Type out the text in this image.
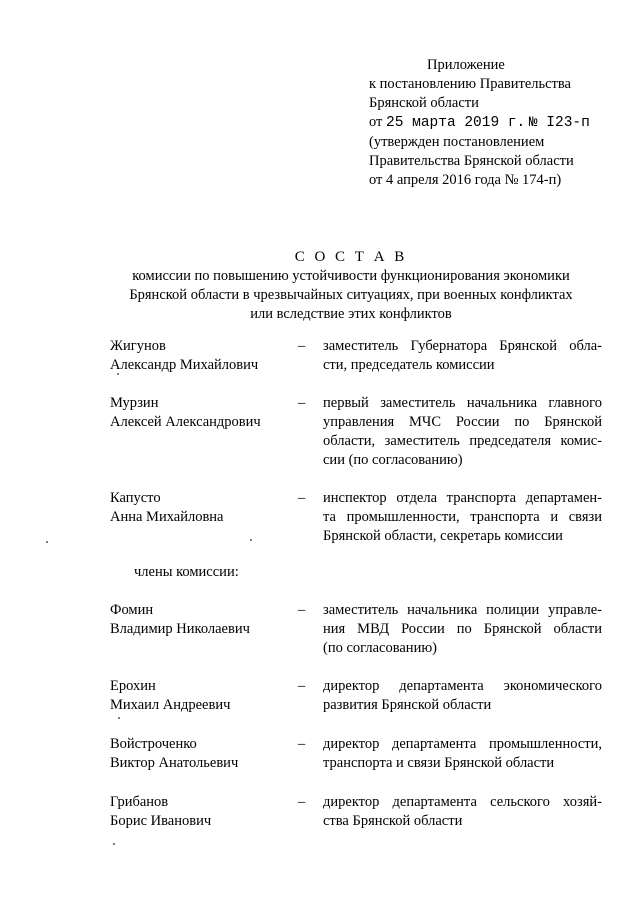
Приложение
к постановлению Правительства
Брянской области
от 25 марта 2019 г. № I23-п
(утвержден постановлением
Правительства Брянской области
от 4 апреля 2016 года № 174-п)
С О С Т А В
комиссии по повышению устойчивости функционирования экономики
Брянской области в чрезвычайных ситуациях, при военных конфликтах
или вследствие этих конфликтов
Жигунов
Александр Михайлович
– заместитель Губернатора Брянской обла-
сти, председатель комиссии
Мурзин
Алексей Александрович
– первый заместитель начальника главного
управления МЧС России по Брянской
области, заместитель председателя комис-
сии (по согласованию)
Капусто
Анна Михайловна
– инспектор отдела транспорта департамен-
та промышленности, транспорта и связи
Брянской области, секретарь комиссии
члены комиссии:
Фомин
Владимир Николаевич
– заместитель начальника полиции управле-
ния МВД России по Брянской области
(по согласованию)
Ерохин
Михаил Андреевич
– директор департамента экономического
развития Брянской области
Войстроченко
Виктор Анатольевич
– директор департамента промышленности,
транспорта и связи Брянской области
Грибанов
Борис Иванович
– директор департамента сельского хозяй-
ства Брянской области
